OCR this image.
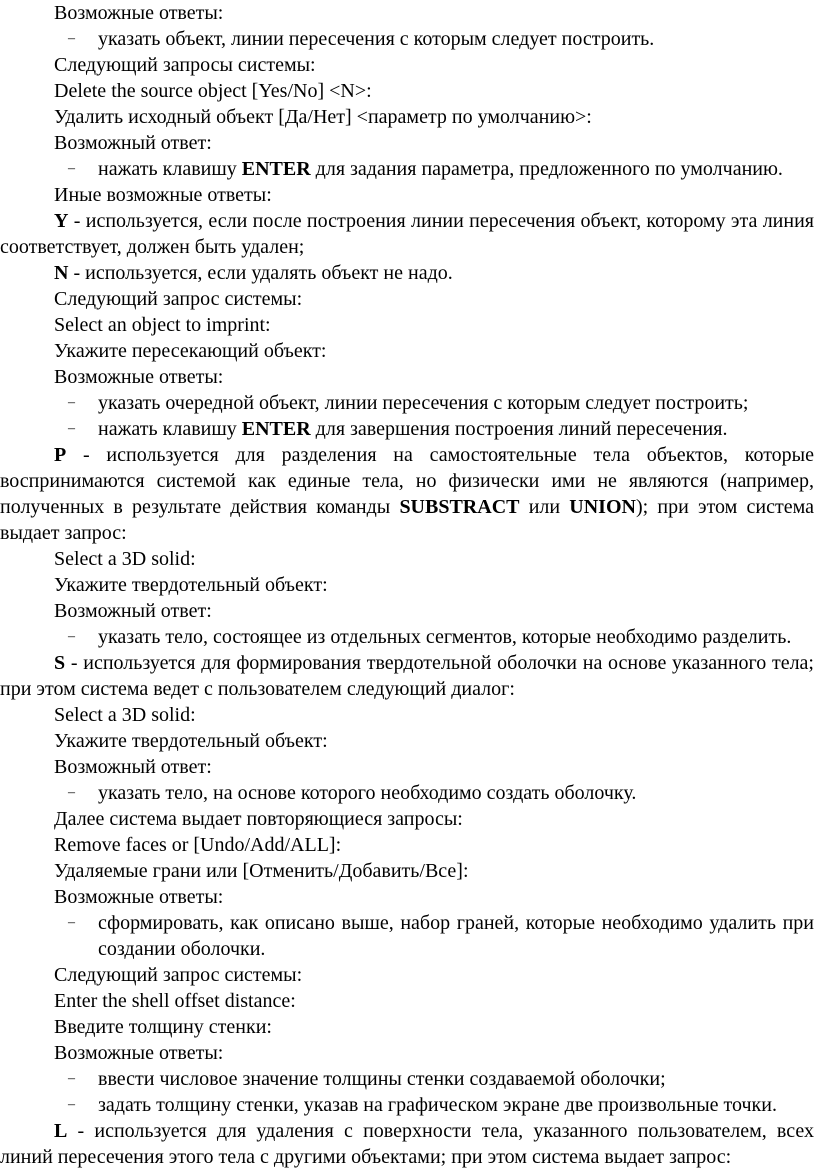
Возможные ответы:

– указать объект, линии пересечения с которым следует построить.

Следующий запросы системы:

Delete the source object [Yes/No] <N>:

Удалить исходный объект [Да/Нет] <параметр по умолчанию>:

Возможный ответ:

– нажать клавишу ENTER для задания параметра, предложенного по умолчанию.

Иные возможные ответы:

Y - используется, если после построения линии пересечения объект, которому эта линия соответствует, должен быть удален;

N - используется, если удалять объект не надо.

Следующий запрос системы:

Select an object to imprint:

Укажите пересекающий объект:

Возможные ответы:

– указать очередной объект, линии пересечения с которым следует построить;

– нажать клавишу ENTER для завершения построения линий пересечения.

P - используется для разделения на самостоятельные тела объектов, которые воспринимаются системой как единые тела, но физически ими не являются (например, полученных в результате действия команды SUBSTRACT или UNION); при этом система выдает запрос:

Select a 3D solid:

Укажите твердотельный объект:

Возможный ответ:

– указать тело, состоящее из отдельных сегментов, которые необходимо разделить.

S - используется для формирования твердотельной оболочки на основе указанного тела; при этом система ведет с пользователем следующий диалог:

Select a 3D solid:

Укажите твердотельный объект:

Возможный ответ:

– указать тело, на основе которого необходимо создать оболочку.

Далее система выдает повторяющиеся запросы:

Remove faces or [Undo/Add/ALL]:

Удаляемые грани или [Отменить/Добавить/Все]:

Возможные ответы:

– сформировать, как описано выше, набор граней, которые необходимо удалить при создании оболочки.

Следующий запрос системы:

Enter the shell offset distance:

Введите толщину стенки:

Возможные ответы:

– ввести числовое значение толщины стенки создаваемой оболочки;

– задать толщину стенки, указав на графическом экране две произвольные точки.

L - используется для удаления с поверхности тела, указанного пользователем, всех линий пересечения этого тела с другими объектами; при этом система выдает запрос:
